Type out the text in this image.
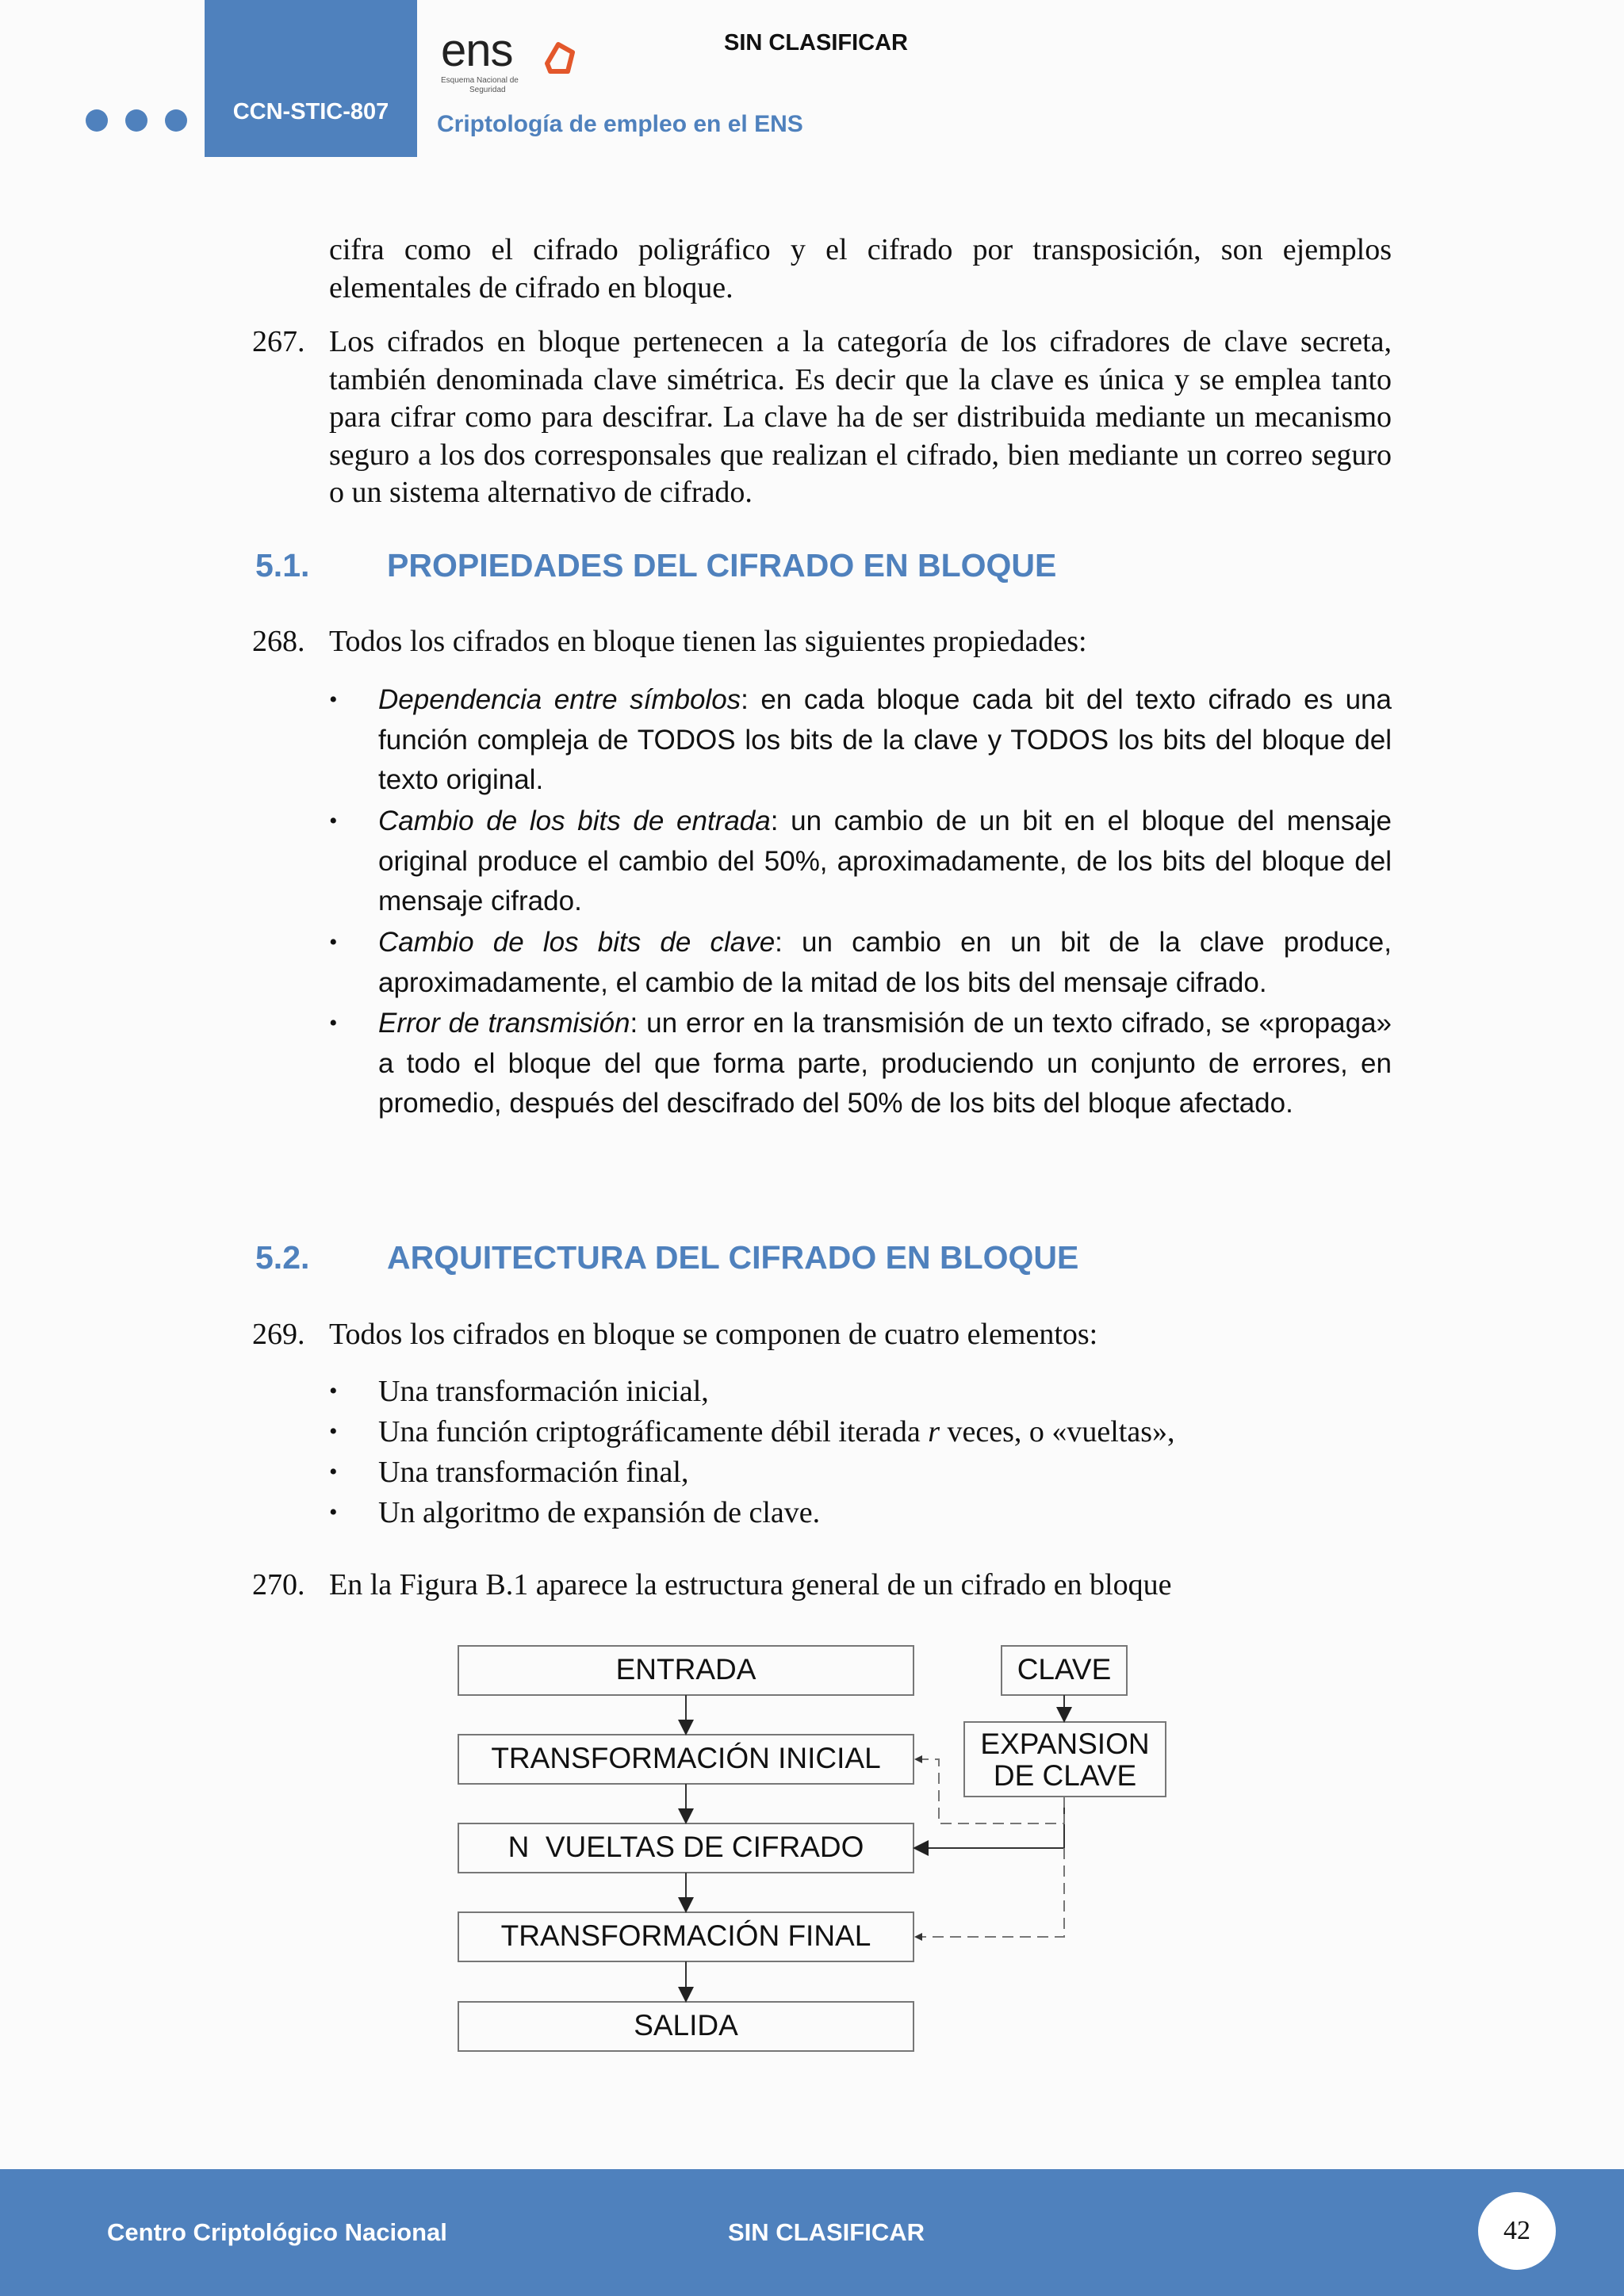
CCN-STIC-807
ens
Esquema Nacional de
Seguridad
SIN CLASIFICAR
Criptología de empleo en el ENS
cifra como el cifrado poligráfico y el cifrado por transposición, son ejemplos elementales de cifrado en bloque.
267. Los cifrados en bloque pertenecen a la categoría de los cifradores de clave secreta, también denominada clave simétrica. Es decir que la clave es única y se emplea tanto para cifrar como para descifrar. La clave ha de ser distribuida mediante un mecanismo seguro a los dos corresponsales que realizan el cifrado, bien mediante un correo seguro o un sistema alternativo de cifrado.
5.1. PROPIEDADES DEL CIFRADO EN BLOQUE
268. Todos los cifrados en bloque tienen las siguientes propiedades:
• Dependencia entre símbolos: en cada bloque cada bit del texto cifrado es una función compleja de TODOS los bits de la clave y TODOS los bits del bloque del texto original.
• Cambio de los bits de entrada: un cambio de un bit en el bloque del mensaje original produce el cambio del 50%, aproximadamente, de los bits del bloque del mensaje cifrado.
• Cambio de los bits de clave: un cambio en un bit de la clave produce, aproximadamente, el cambio de la mitad de los bits del mensaje cifrado.
• Error de transmisión: un error en la transmisión de un texto cifrado, se «propaga» a todo el bloque del que forma parte, produciendo un conjunto de errores, en promedio, después del descifrado del 50% de los bits del bloque afectado.
5.2. ARQUITECTURA DEL CIFRADO EN BLOQUE
269. Todos los cifrados en bloque se componen de cuatro elementos:
• Una transformación inicial,
• Una función criptográficamente débil iterada r veces, o «vueltas»,
• Una transformación final,
• Un algoritmo de expansión de clave.
270. En la Figura B.1 aparece la estructura general de un cifrado en bloque
ENTRADA	CLAVE
TRANSFORMACIÓN INICIAL	EXPANSION
DE CLAVE
N  VUELTAS DE CIFRADO
TRANSFORMACIÓN FINAL
SALIDA
Centro Criptológico Nacional	SIN CLASIFICAR	42
